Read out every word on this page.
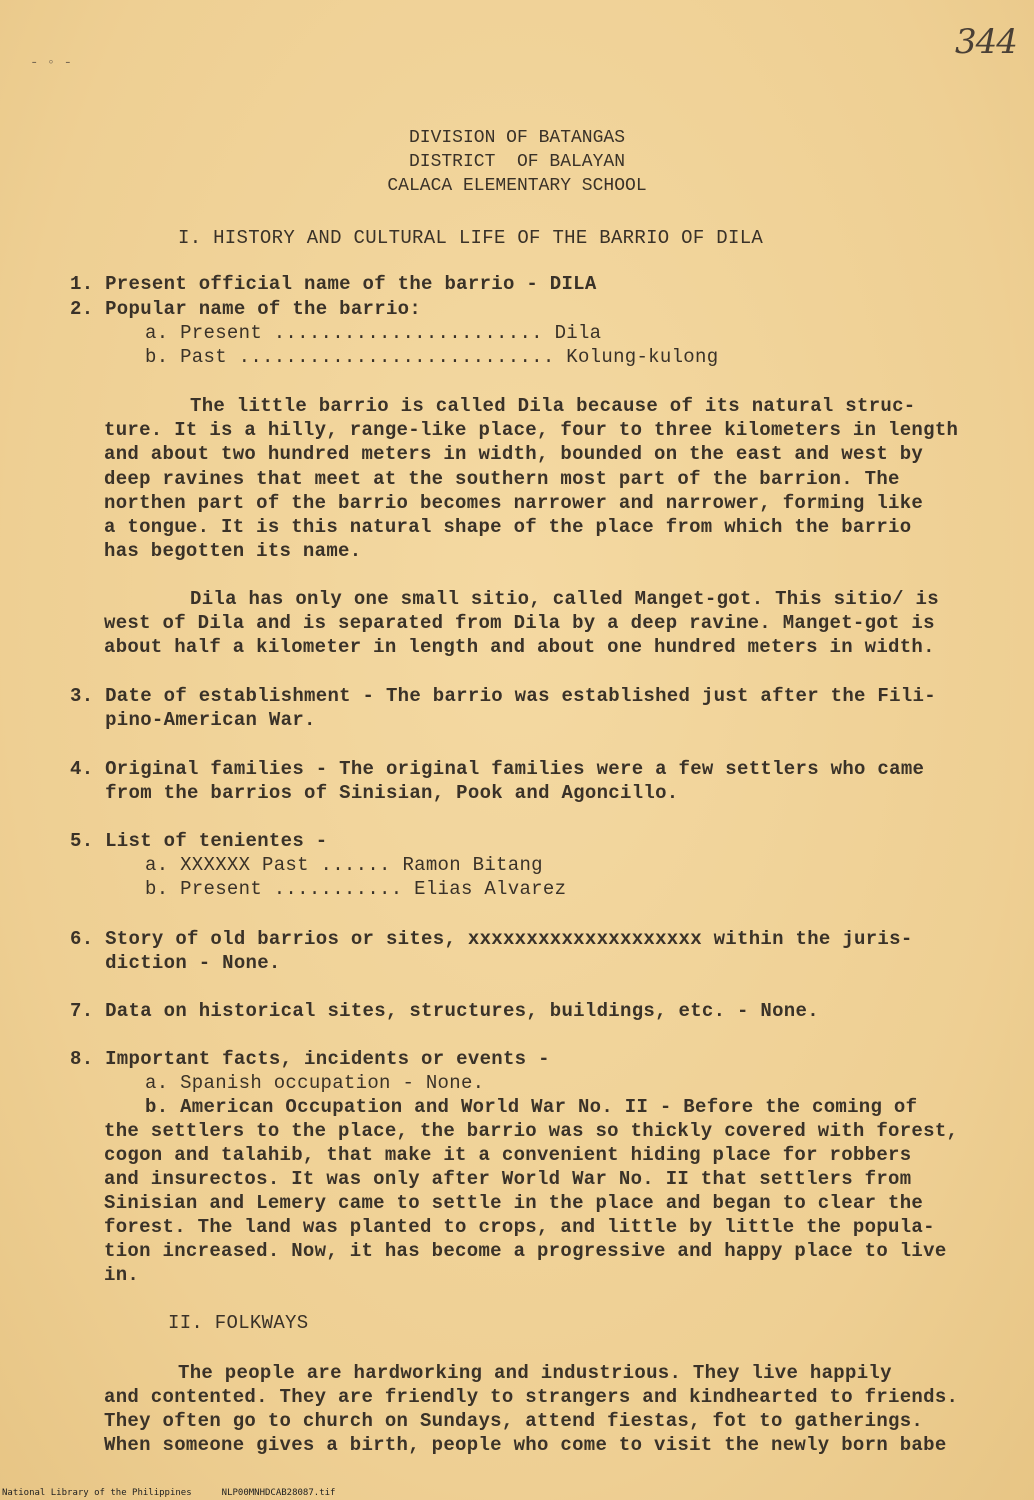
344
- ◦ -
DIVISION OF BATANGAS
DISTRICT  OF BALAYAN
CALACA ELEMENTARY SCHOOL
I. HISTORY AND CULTURAL LIFE OF THE BARRIO OF DILA
1. Present official name of the barrio - DILA
2. Popular name of the barrio:
a. Present ....................... Dila
b. Past ........................... Kolung-kulong
The little barrio is called Dila because of its natural struc-
ture. It is a hilly, range-like place, four to three kilometers in length
and about two hundred meters in width, bounded on the east and west by
deep ravines that meet at the southern most part of the barrion. The
northen part of the barrio becomes narrower and narrower, forming like
a tongue. It is this natural shape of the place from which the barrio
has begotten its name.
Dila has only one small sitio, called Manget-got. This sitio/ is
west of Dila and is separated from Dila by a deep ravine. Manget-got is
about half a kilometer in length and about one hundred meters in width.
3. Date of establishment - The barrio was established just after the Fili-
pino-American War.
4. Original families - The original families were a few settlers who came
from the barrios of Sinisian, Pook and Agoncillo.
5. List of tenientes -
a. XXXXXX Past ...... Ramon Bitang
b. Present ........... Elias Alvarez
6. Story of old barrios or sites, xxxxxxxxxxxxxxxxxxxx within the juris-
diction - None.
7. Data on historical sites, structures, buildings, etc. - None.
8. Important facts, incidents or events -
a. Spanish occupation - None.
b. American Occupation and World War No. II - Before the coming of
the settlers to the place, the barrio was so thickly covered with forest,
cogon and talahib, that make it a convenient hiding place for robbers
and insurectos. It was only after World War No. II that settlers from
Sinisian and Lemery came to settle in the place and began to clear the
forest. The land was planted to crops, and little by little the popula-
tion increased. Now, it has become a progressive and happy place to live
in.
II. FOLKWAYS
The people are hardworking and industrious. They live happily
and contented. They are friendly to strangers and kindhearted to friends.
They often go to church on Sundays, attend fiestas, fot to gatherings.
When someone gives a birth, people who come to visit the newly born babe
National Library of the Philippines	NLP00MNHDCAB28087.tif
